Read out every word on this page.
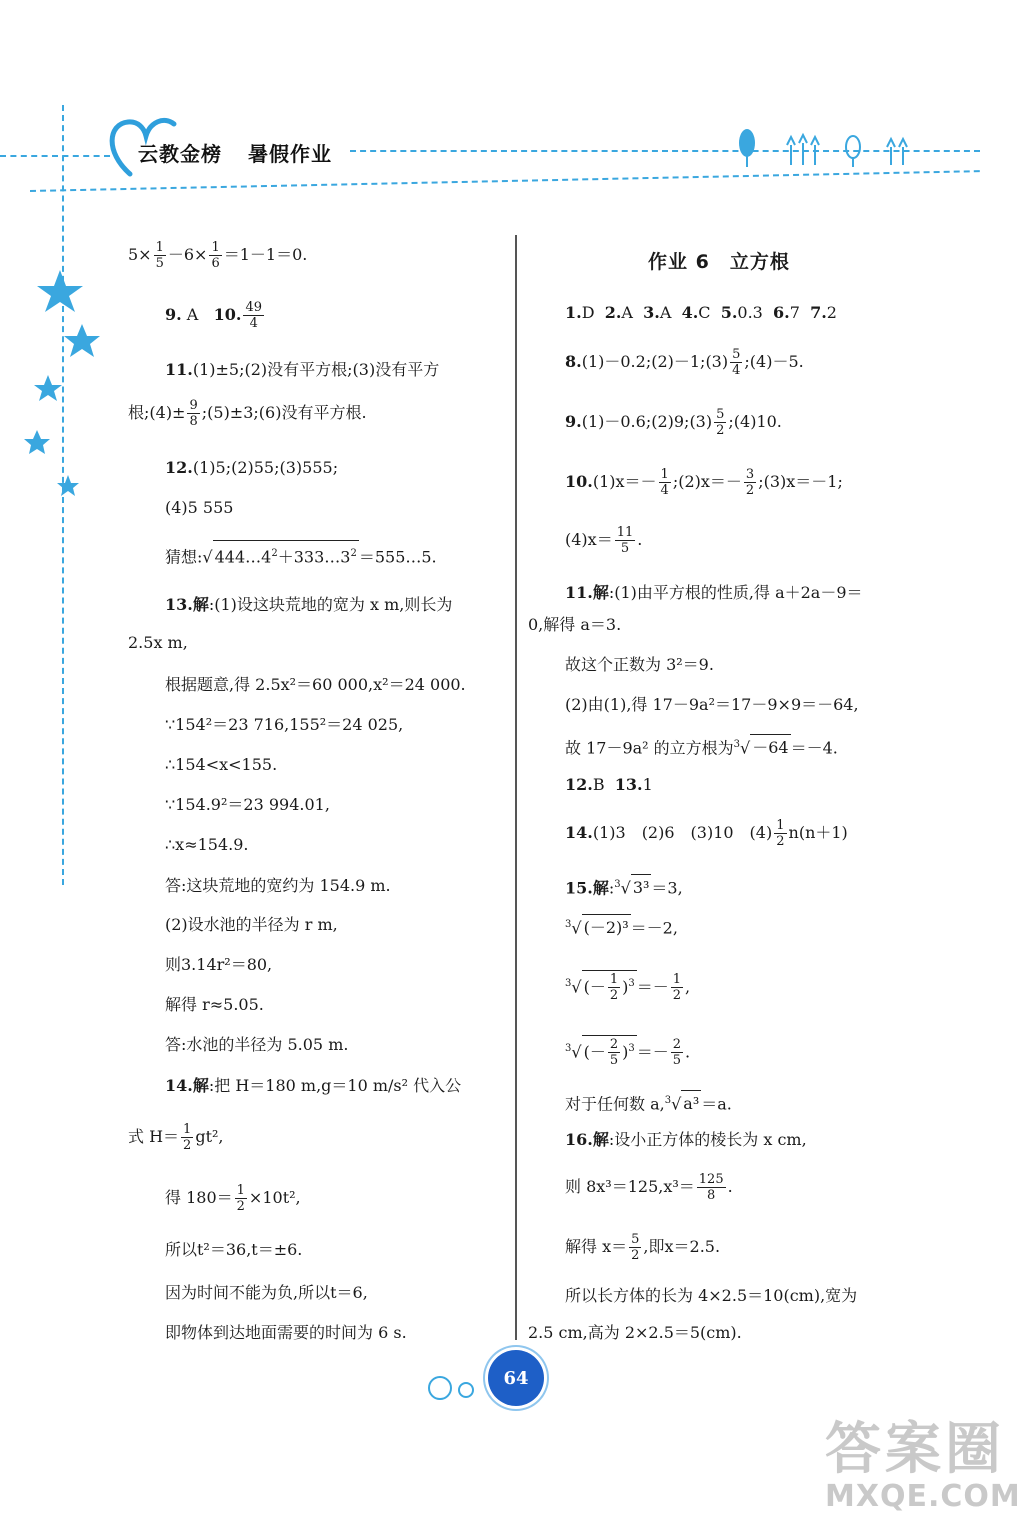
云教金榜 暑假作业
$5\times \frac{1}{5} -6\times \frac{1}{6} =1-1=0$.
9. A 10. $\frac{49}{4}$
11.(1)±5;(2)没有平方根;(3)没有平方
根;(4)± $\frac{9}{8}$ ;(5)±3;(6)没有平方根.
12.(1)5;(2)55;(3)555;
(4)5 555
猜想:√ $444\dots 4^2+333\dots 3^2$ ＝555…5.
13.解:(1)设这块荒地的宽为 x m,则长为
2.5x m,
根据题意,得 2.5x²＝60 000,x²＝24 000.
∵154²＝23 716,155²＝24 025,
∴154<x<155.
∵154.9²＝23 994.01,
∴x≈154.9.
答:这块荒地的宽约为 154.9 m.
(2)设水池的半径为 r m,
则3.14r²＝80,
解得 r≈5.05.
答:水池的半径为 5.05 m.
14.解:把 H＝180 m,g＝10 m/s² 代入公
式 $H= \frac{1}{2} gt^2$,
得 $180= \frac{1}{2} \times 10t^2$,
所以t²＝36,t＝±6.
因为时间不能为负,所以t＝6,
即物体到达地面需要的时间为 6 s.
作业 6　立方根
1.D 2.A 3.A 4.C 5.0.3 6.7 7.2
8.(1)－0.2;(2)－1;(3) $\frac{5}{4}$ ;(4)－5.
9.(1)－0.6;(2)9;(3) $\frac{5}{2}$ ;(4)10.
$10.(1)x=- \frac{1}{4}$ ;(2)x＝－ $\frac{3}{2}$ ;(3)x＝－1;
$(4)x= \frac{11}{5}$ .
11.解:(1)由平方根的性质,得 a＋2a－9＝
0,解得 a＝3.
故这个正数为 3²＝9.
(2)由(1),得 17－9a²＝17－9×9＝－64,
故 17－9a² 的立方根为$^3$√ －64 ＝－4.
12.B 13.1
14.(1)3　(2)6　(3)10　$(4) \frac{1}{2} n(n+1)$
15.解:$^3$√ 3³ ＝3,
$^3$√ (－2)³ ＝－2,
$^3$√ (－ $\frac{1}{2} )^3 =- \frac{1}{2}$ ,
$^3$√ (－ $\frac{2}{5} )^3 =- \frac{2}{5}$ .
对于任何数 a,$^3$√ a³ ＝a.
16.解:设小正方体的棱长为 x cm,
则 $8x^3=125,x^3= \frac{125}{8}$ .
解得 $x= \frac{5}{2}$ ,即x＝2.5.
所以长方体的长为 4×2.5＝10(cm),宽为
2.5 cm,高为 2×2.5＝5(cm).
64
答案圈
MXQE.COM
